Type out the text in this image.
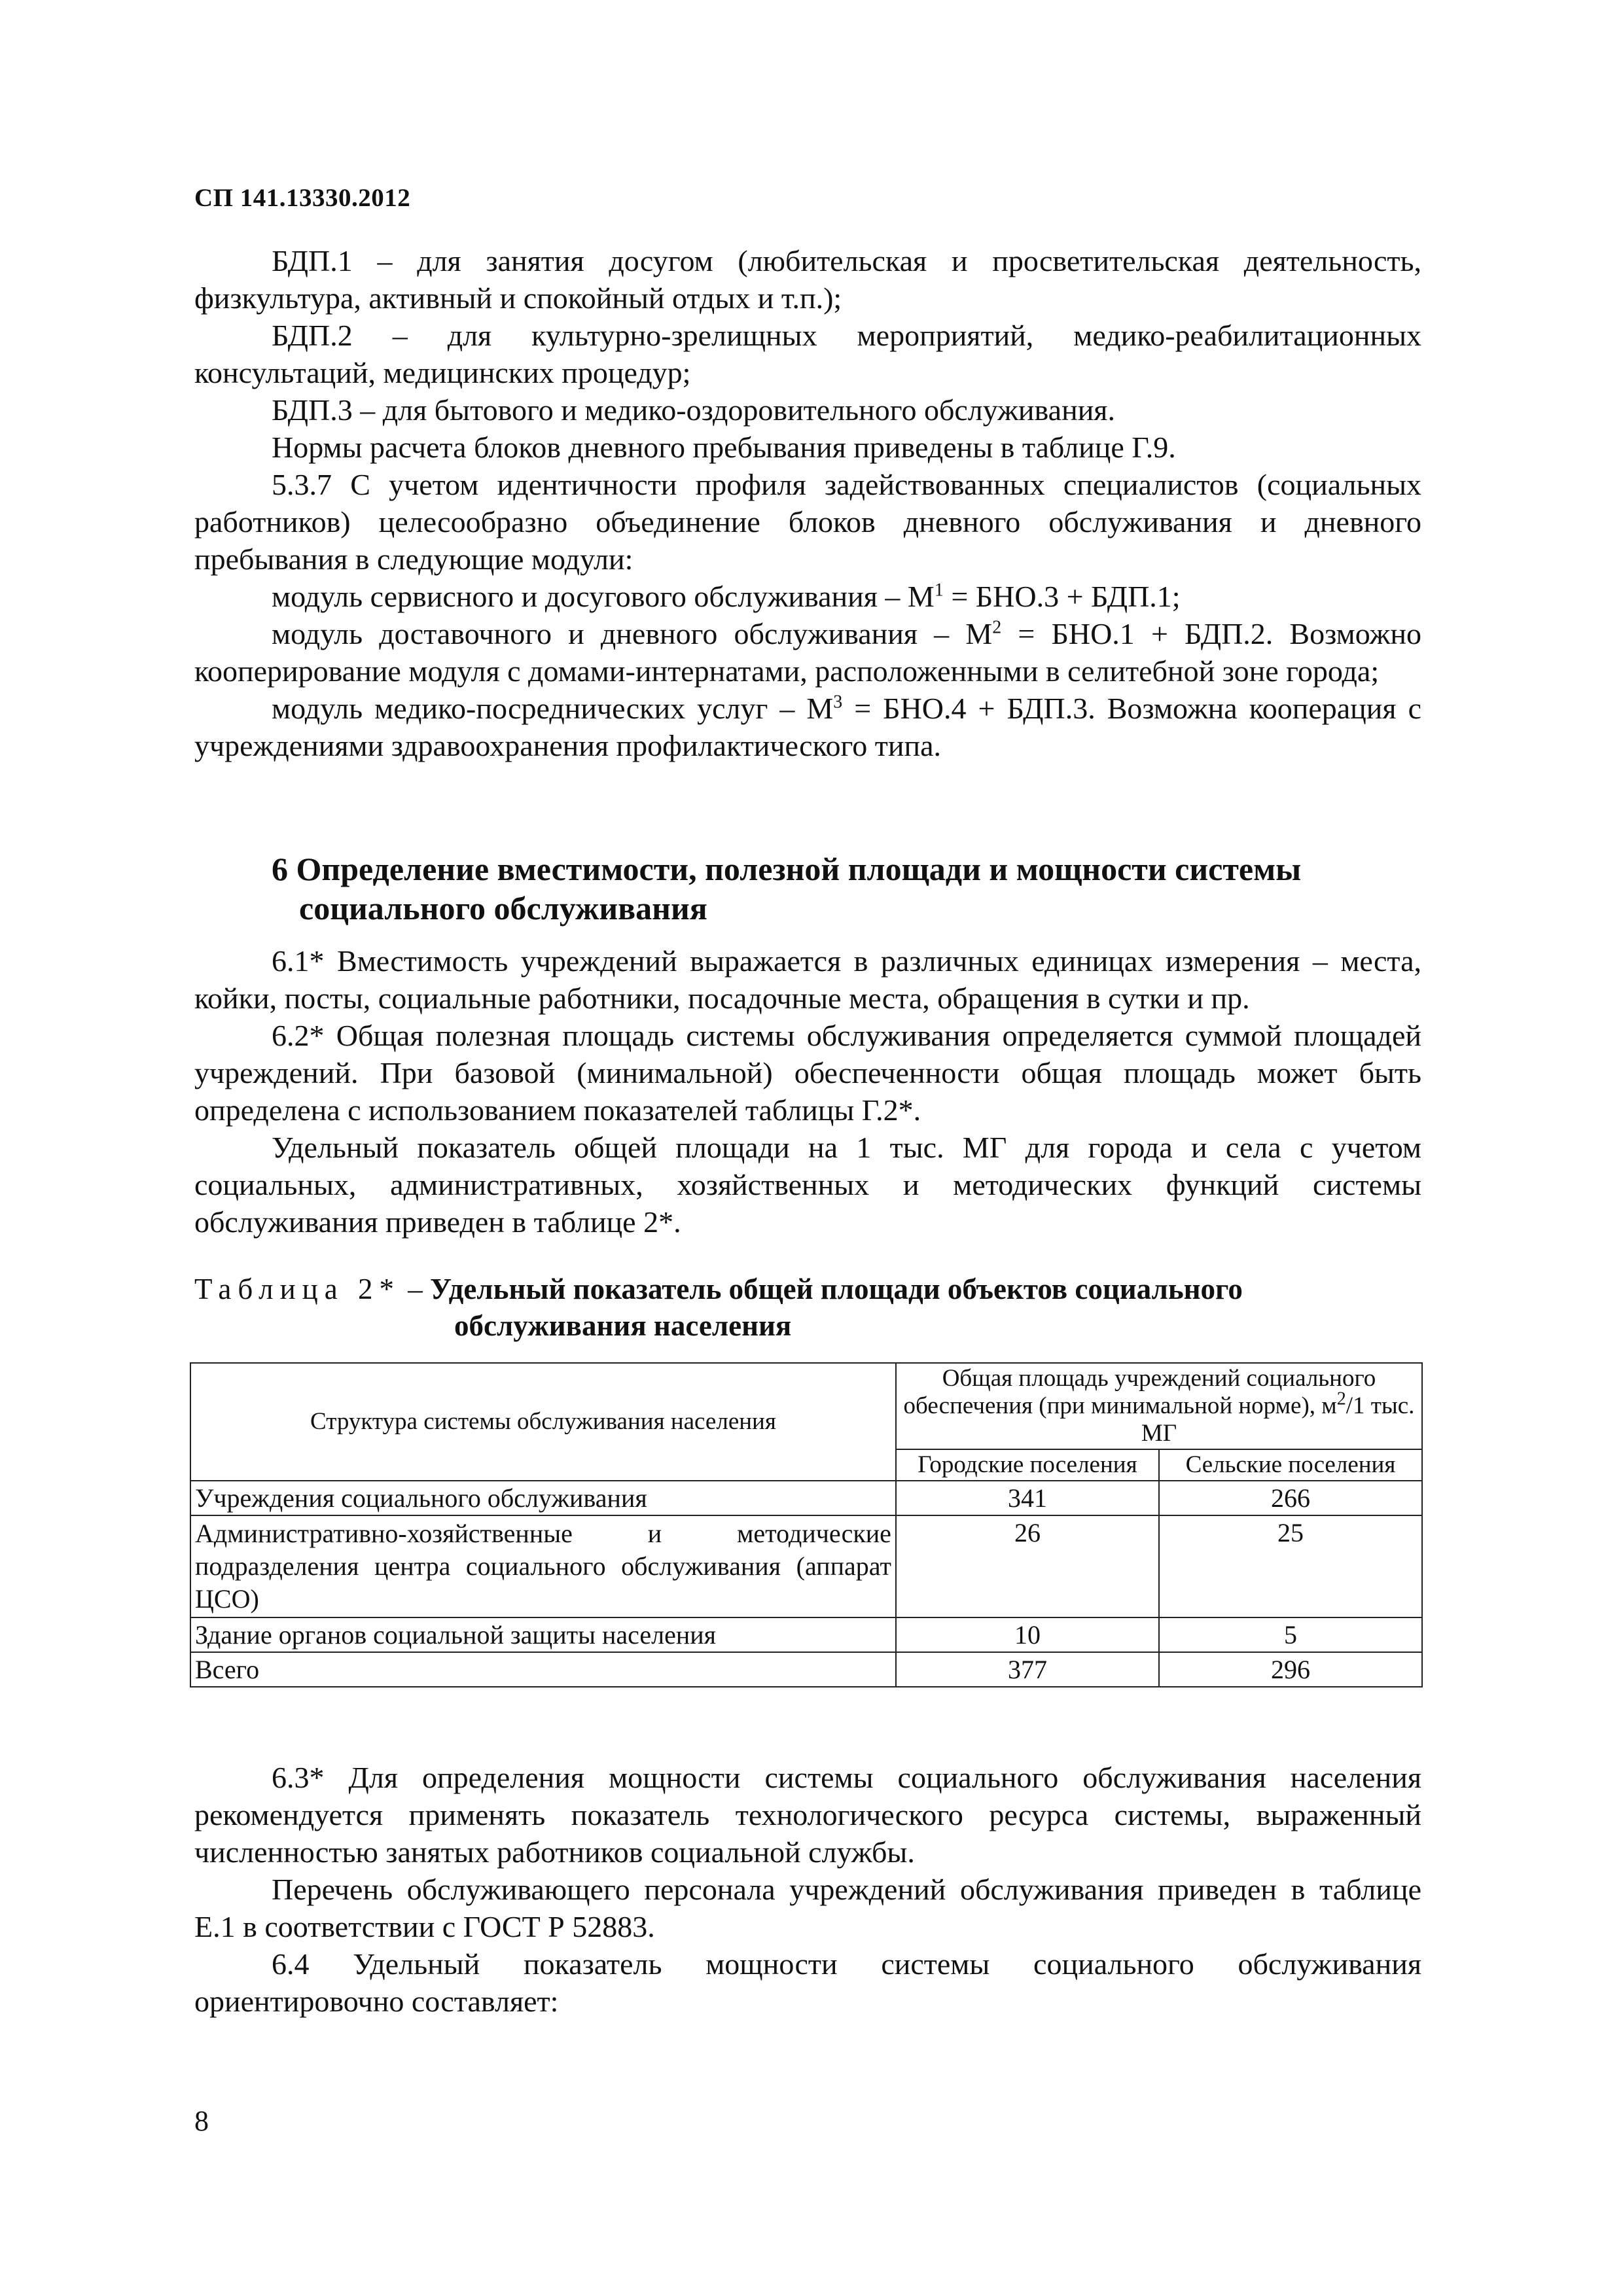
СП 141.13330.2012

БДП.1 – для занятия досугом (любительская и просветительская деятельность, физкультура, активный и спокойный отдых и т.п.);

БДП.2 – для культурно-зрелищных мероприятий, медико-реабилитационных консультаций, медицинских процедур;

БДП.3 – для бытового и медико-оздоровительного обслуживания.

Нормы расчета блоков дневного пребывания приведены в таблице Г.9.

5.3.7 С учетом идентичности профиля задействованных специалистов (социальных работников) целесообразно объединение блоков дневного обслуживания и дневного пребывания в следующие модули:

модуль сервисного и досугового обслуживания – $М^1 = БНО.3 + БДП.1$;

модуль доставочного и дневного обслуживания – $М^2 = БНО.1 + БДП.2$. Возможно кооперирование модуля с домами-интернатами, расположенными в селитебной зоне города;

модуль медико-посреднических услуг – $М^3 = БНО.4 + БДП.3$. Возможна кооперация с учреждениями здравоохранения профилактического типа.

6 Определение вместимости, полезной площади и мощности системы
социального обслуживания

6.1* Вместимость учреждений выражается в различных единицах измерения – места, койки, посты, социальные работники, посадочные места, обращения в сутки и пр.

6.2* Общая полезная площадь системы обслуживания определяется суммой площадей учреждений. При базовой (минимальной) обеспеченности общая площадь может быть определена с использованием показателей таблицы Г.2*.

Удельный показатель общей площади на 1 тыс. МГ для города и села с учетом социальных, административных, хозяйственных и методических функций системы обслуживания приведен в таблице 2*.

Таблица 2* – Удельный показатель общей площади объектов социального
обслуживания населения
Структура системы обслуживания населения	Общая площадь учреждений социального обеспечения (при минимальной норме), $м^2/1$ тыс. МГ	
	Городские поселения	Сельские поселения
Учреждения социального обслуживания	341	266
Административно-хозяйственные и методические подразделения центра социального обслуживания (аппарат ЦСО)	26	25
Здание органов социальной защиты населения	10	5
Всего	377	296

6.3* Для определения мощности системы социального обслуживания населения рекомендуется применять показатель технологического ресурса системы, выраженный численностью занятых работников социальной службы.

Перечень обслуживающего персонала учреждений обслуживания приведен в таблице Е.1 в соответствии с ГОСТ Р 52883.

6.4 Удельный показатель мощности системы социального обслуживания ориентировочно составляет:

8
